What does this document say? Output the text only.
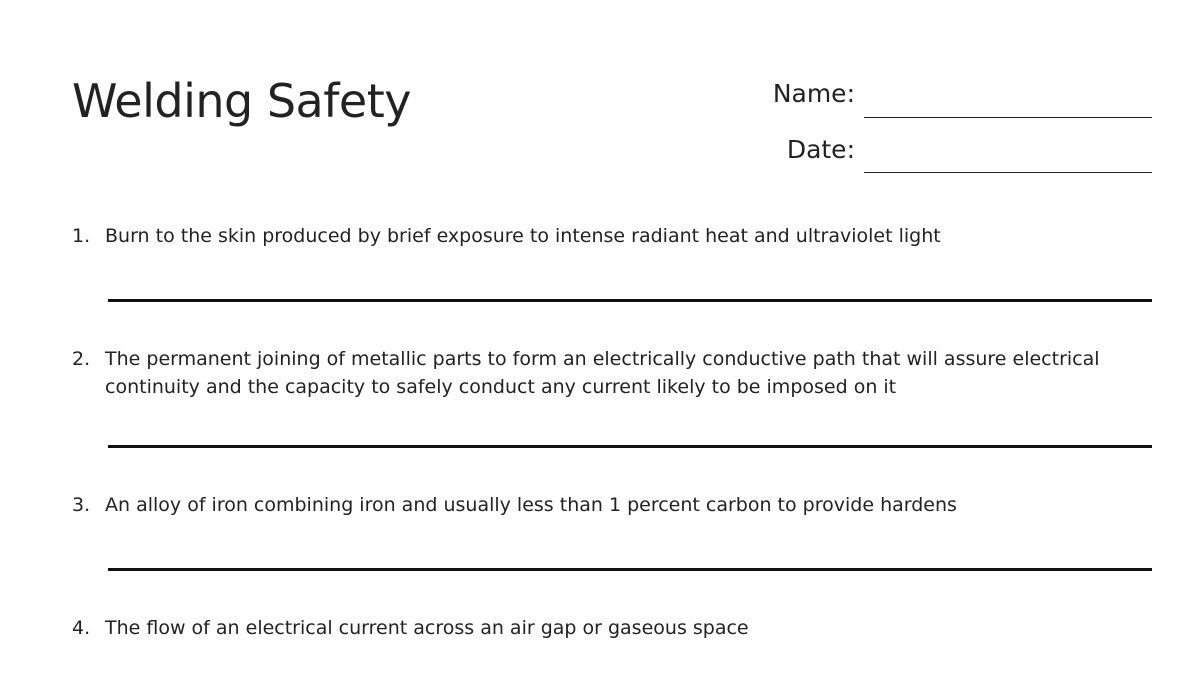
Welding Safety	Name:
Date:
1. Burn to the skin produced by brief exposure to intense radiant heat and ultraviolet light
2. The permanent joining of metallic parts to form an electrically conductive path that will assure electrical continuity and the capacity to safely conduct any current likely to be imposed on it
3. An alloy of iron combining iron and usually less than 1 percent carbon to provide hardens
4. The flow of an electrical current across an air gap or gaseous space
